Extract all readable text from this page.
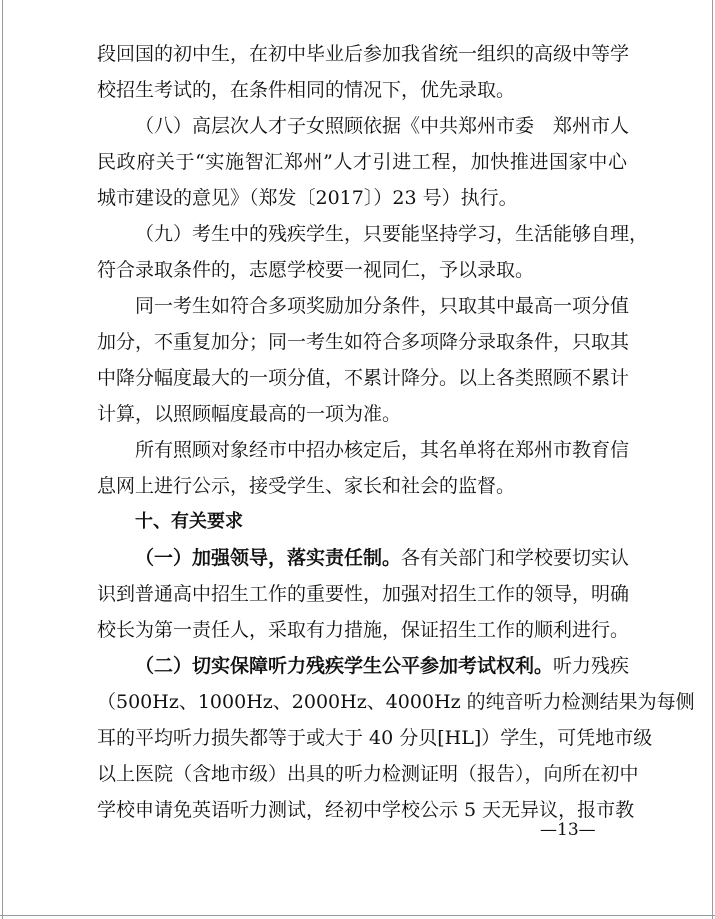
段回国的初中生，在初中毕业后参加我省统一组织的高级中等学
校招生考试的，在条件相同的情况下，优先录取。
（八）高层次人才子女照顾依据《中共郑州市委　郑州市人
民政府关于“实施智汇郑州”人才引进工程，加快推进国家中心
城市建设的意见》（郑发〔2017〕）23 号）执行。
（九）考生中的残疾学生，只要能坚持学习，生活能够自理，
符合录取条件的，志愿学校要一视同仁，予以录取。
同一考生如符合多项奖励加分条件，只取其中最高一项分值
加分，不重复加分；同一考生如符合多项降分录取条件，只取其
中降分幅度最大的一项分值，不累计降分。以上各类照顾不累计
计算，以照顾幅度最高的一项为准。
所有照顾对象经市中招办核定后，其名单将在郑州市教育信
息网上进行公示，接受学生、家长和社会的监督。
十、有关要求
（一）加强领导，落实责任制。各有关部门和学校要切实认
识到普通高中招生工作的重要性，加强对招生工作的领导，明确
校长为第一责任人，采取有力措施，保证招生工作的顺利进行。
（二）切实保障听力残疾学生公平参加考试权利。听力残疾
（500Hz、1000Hz、2000Hz、4000Hz 的纯音听力检测结果为每侧
耳的平均听力损失都等于或大于 40 分贝[HL]）学生，可凭地市级
以上医院（含地市级）出具的听力检测证明（报告），向所在初中
学校申请免英语听力测试，经初中学校公示 5 天无异议，报市教
—13—
